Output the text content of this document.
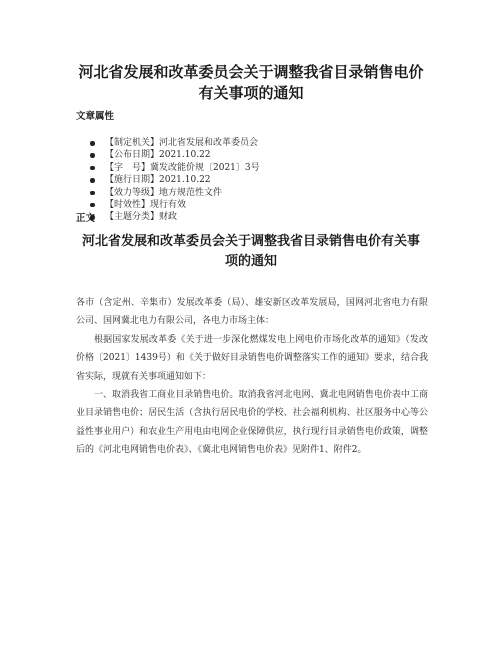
河北省发展和改革委员会关于调整我省目录销售电价
有关事项的通知
文章属性
【制定机关】河北省发展和改革委员会
【公布日期】2021.10.22
【字　号】冀发改能价规〔2021〕3号
【施行日期】2021.10.22
【效力等级】地方规范性文件
【时效性】现行有效
【主题分类】财政
正文
河北省发展和改革委员会关于调整我省目录销售电价有关事
项的通知

各市（含定州、辛集市）发展改革委（局）、雄安新区改革发展局，国网河北省电力有限公司、国网冀北电力有限公司，各电力市场主体：

根据国家发展改革委《关于进一步深化燃煤发电上网电价市场化改革的通知》（发改价格〔2021〕1439号）和《关于做好目录销售电价调整落实工作的通知》要求，结合我省实际，现就有关事项通知如下：

一、取消我省工商业目录销售电价。取消我省河北电网、冀北电网销售电价表中工商业目录销售电价；居民生活（含执行居民电价的学校、社会福利机构、社区服务中心等公益性事业用户）和农业生产用电由电网企业保障供应，执行现行目录销售电价政策，调整后的《河北电网销售电价表》、《冀北电网销售电价表》见附件1、附件2。
